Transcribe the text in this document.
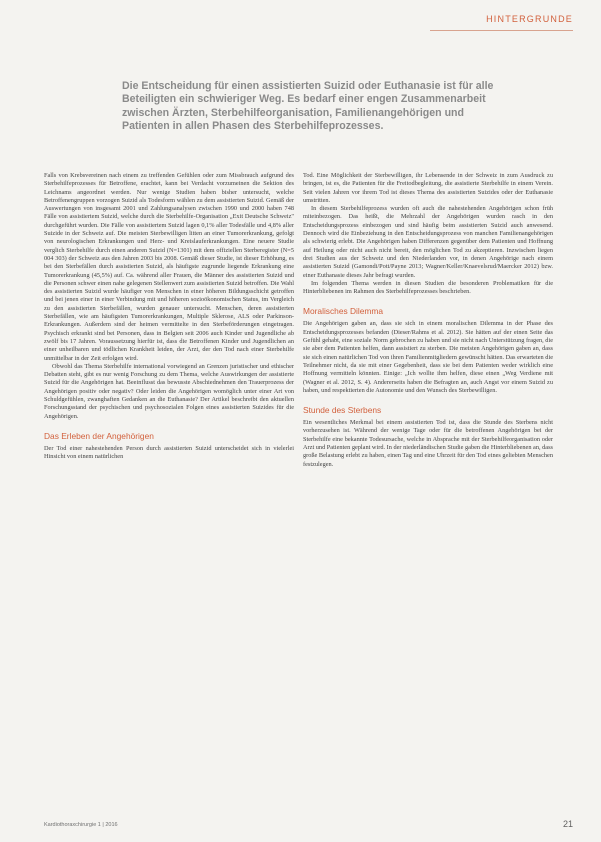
HINTERGRUNDE

Die Entscheidung für einen assistierten Suizid oder Euthanasie ist für alle Beteiligten ein schwieriger Weg. Es bedarf einer engen Zusammenarbeit zwischen Ärzten, Sterbehilfeorganisation, Familienangehörigen und Patienten in allen Phasen des Sterbehilfeprozesses.

Falls von Krebsvereinen nach einem zu treffenden Gefühlen oder zum Missbrauch aufgrund des Sterbehilfeprozesses für Betroffene, erachtet, kann bei Verdacht vorzumeinen die Sektion des Leichnams angeordnet werden. Nur wenige Studien haben bisher untersucht, welche Betroffenengruppen vorzogen Suizid als Todesform wählen zu dem assistierten Suizid. Gemäß der Auswertungen von insgesamt 2001 und Zahlungsanalysen zwischen 1990 und 2000 haben 748 Fälle von assistiertem Suizid, welche durch die Sterbehilfe-Organisation „Exit Deutsche Schweiz" durchgeführt wurden. Die Fälle von assistiertem Suizid lagen 0,1% aller Todesfälle und 4,8% aller Suizide in der Schweiz auf. Die meisten Sterbewilligen litten an einer Tumorerkrankung, gefolgt von neurologischen Erkrankungen und Herz- und Kreislauferkrankungen. Eine neuere Studie verglich Sterbehilfe durch einen anderen Suizid (N=1301) mit dem offiziellen Sterberegister (N=5 004 303) der Schweiz aus den Jahren 2003 bis 2008. Gemäß dieser Studie, ist dieser Erhöhung, es bei den Sterbefällen durch assistierten Suizid, als häufigste zugrunde liegende Erkrankung eine Tumorerkrankung (45,5%) auf. Ca. während aller Frauen, die Männer des assistierten Suizid und die Personen schwer einen nahe gelegenen Stellenwert zum assistierten Suizid betroffen. Die Wahl des assistierten Suizid wurde häufiger von Menschen in einer höheren Bildungsschicht getroffen und bei jenen einer in einer Verbindung mit und höheren sozioökonomischen Status, im Vergleich zu den assistierten Sterbefällen, wurden genauer untersucht. Menschen, deren assistierten Sterbefällen, wie am häufigsten Tumorerkrankungen, Multiple Sklerose, ALS oder Parkinson-Erkrankungen. Außerdem sind der heimen vermittelte in den Sterbeförderungen eingetragen. Psychisch erkrankt sind bei Personen, dass in Belgien seit 2006 auch Kinder und Jugendliche ab zwölf bis 17 Jahren. Voraussetzung hierfür ist, dass die Betroffenen Kinder und Jugendlichen an einer unheilbaren und tödlichen Krankheit leiden, der Arzt, der den Tod nach einer Sterbehilfe unmittelbar in der Zeit erfolgen wird.

Obwohl das Thema Sterbehilfe international vorwiegend an Grenzen juristischer und ethischer Debatten steht, gibt es nur wenig Forschung zu dem Thema, welche Auswirkungen der assistierte Suizid für die Angehörigen hat. Beeinflusst das bewusste Abschiednehmen den Trauerprozess der Angehörigen positiv oder negativ? Oder leiden die Angehörigen womöglich unter einer Art von Schuldgefühlen, zwanghaften Gedanken an die Euthanasie? Der Artikel beschreibt den aktuellen Forschungsstand der psychischen und psychosozialen Folgen eines assistierten Suizides für die Angehörigen.

Das Erleben der Angehörigen

Der Tod einer nahestehenden Person durch assistierten Suizid unterscheidet sich in vielerlei Hinsicht von einem natürlichen

Tod. Eine Möglichkeit der Sterbewilligen, ihr Lebensende in der Schweiz in zum Ausdruck zu bringen, ist es, die Patienten für die Freitodbegleitung, die assistierte Sterbehilfe in einem Verein. Seit vielen Jahren vor ihrem Tod ist dieses Thema des assistierten Suizides oder der Euthanasie umstritten.

In diesem Sterbehilfeprozess wurden oft auch die nahestehenden Angehörigen schon früh miteinbezogen. Das heißt, die Mehrzahl der Angehörigen wurden rasch in den Entscheidungsprozess einbezogen und sind häufig beim assistierten Suizid auch anwesend. Dennoch wird die Einbeziehung in den Entscheidungsprozess von manchen Familienangehörigen als schwierig erlebt. Die Angehörigen haben Differenzen gegenüber dem Patienten und Hoffnung auf Heilung oder nicht auch nicht bereit, den möglichen Tod zu akzeptieren. Inzwischen liegen drei Studien aus der Schweiz und den Niederlanden vor, in denen Angehörige nach einem assistierten Suizid (Gamondi/Pott/Payne 2013; Wagner/Keller/Knaevelsrud/Maercker 2012) bzw. einer Euthanasie dieses Jahr befragt wurden.

Im folgenden Thema werden in diesen Studien die besonderen Problematiken für die Hinterbliebenen im Rahmen des Sterbehilfeprozesses beschrieben.

Moralisches Dilemma

Die Angehörigen gaben an, dass sie sich in einem moralischen Dilemma in der Phase des Entscheidungsprozesses befanden (Dieser/Rahms et al. 2012). Sie hätten auf der einen Seite das Gefühl gehabt, eine soziale Norm gebrochen zu haben und sie nicht nach Unterstützung fragen, die sie aber dem Patienten helfen, dann assistiert zu sterben. Die meisten Angehörigen gaben an, dass sie sich einen natürlichen Tod von ihren Familienmitgliedern gewünscht hätten. Das erwarteten die Teilnehmer nicht, da sie mit einer Gegebenheit, dass sie bei dem Patienten weder wirklich eine Hoffnung vermitteln könnten. Einige: „Ich wollte ihm helfen, diese einen „Weg Verdiene mit (Wagner et al. 2012, S. 4). Andererseits haben die Befragten an, auch Angst vor einem Suizid zu haben, und respektierten die Autonomie und den Wunsch des Sterbewilligen.

Stunde des Sterbens

Ein wesentliches Merkmal bei einem assistierten Tod ist, dass die Stunde des Sterbens nicht vorherzusehen ist. Während der wenige Tage oder für die betroffenen Angehörigen bei der Sterbehilfe eine bekannte Todesursache, welche in Absprache mit der Sterbehilfeorganisation oder Arzt und Patienten geplant wird. In der niederländischen Studie gaben die Hinterbliebenen an, dass große Belastung erlebt zu haben, einen Tag und eine Uhrzeit für den Tod eines geliebten Menschen festzulegen.

Kardiothoraxchirurgie 1 | 2016	21
